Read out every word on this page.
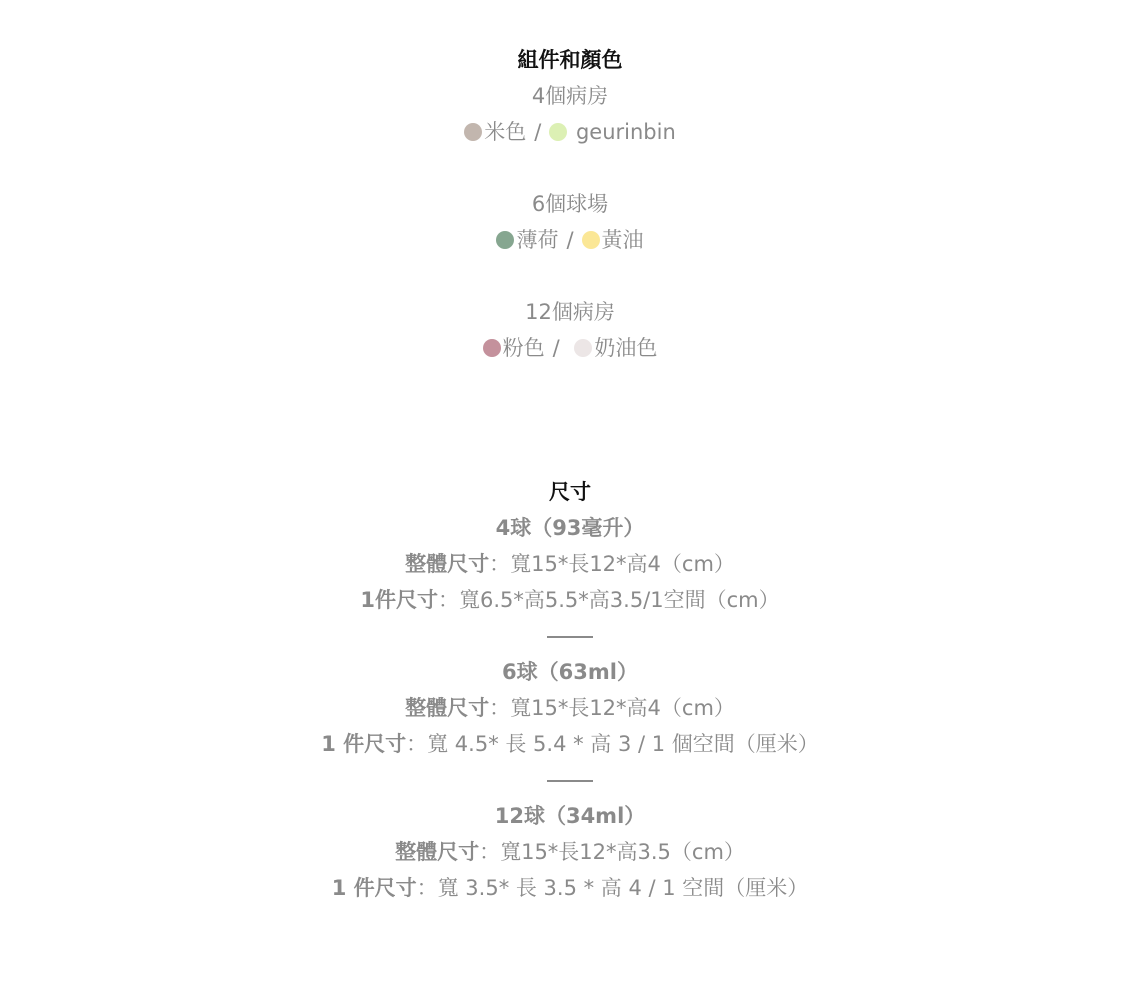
組件和顏色
4個病房
米色 / geurinbin
6個球場
薄荷 / 黃油
12個病房
粉色 / 奶油色
尺寸
4球（93毫升）
整體尺寸：寬15*長12*高4（cm）
1件尺寸：寬6.5*高5.5*高3.5/1空間（cm）
6球（63ml）
整體尺寸：寬15*長12*高4（cm）
1 件尺寸：寬 4.5* 長 5.4 * 高 3 / 1 個空間（厘米）
12球（34ml）
整體尺寸：寬15*長12*高3.5（cm）
1 件尺寸：寬 3.5* 長 3.5 * 高 4 / 1 空間（厘米）
